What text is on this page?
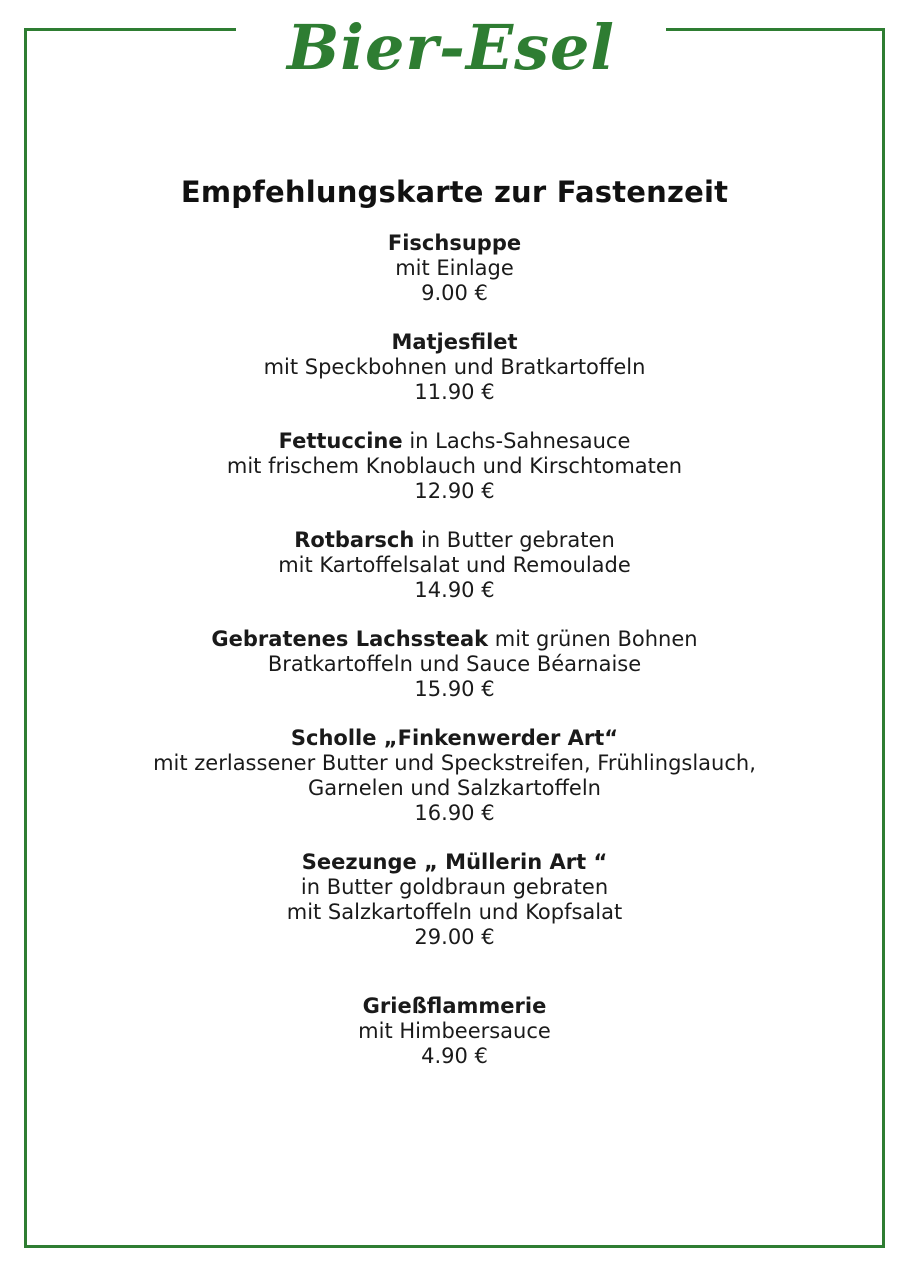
Bier-Esel
Empfehlungskarte zur Fastenzeit
Fischsuppe
mit Einlage
9.00 €
Matjesfilet
mit Speckbohnen und Bratkartoffeln
11.90 €
Fettuccine in Lachs-Sahnesauce
mit frischem Knoblauch und Kirschtomaten
12.90 €
Rotbarsch in Butter gebraten
mit Kartoffelsalat und Remoulade
14.90 €
Gebratenes Lachssteak mit grünen Bohnen
Bratkartoffeln und Sauce Béarnaise
15.90 €
Scholle „Finkenwerder Art“
mit zerlassener Butter und Speckstreifen, Frühlingslauch,
Garnelen und Salzkartoffeln
16.90 €
Seezunge „ Müllerin Art “
in Butter goldbraun gebraten
mit Salzkartoffeln und Kopfsalat
29.00 €
Grießflammerie
mit Himbeersauce
4.90 €
